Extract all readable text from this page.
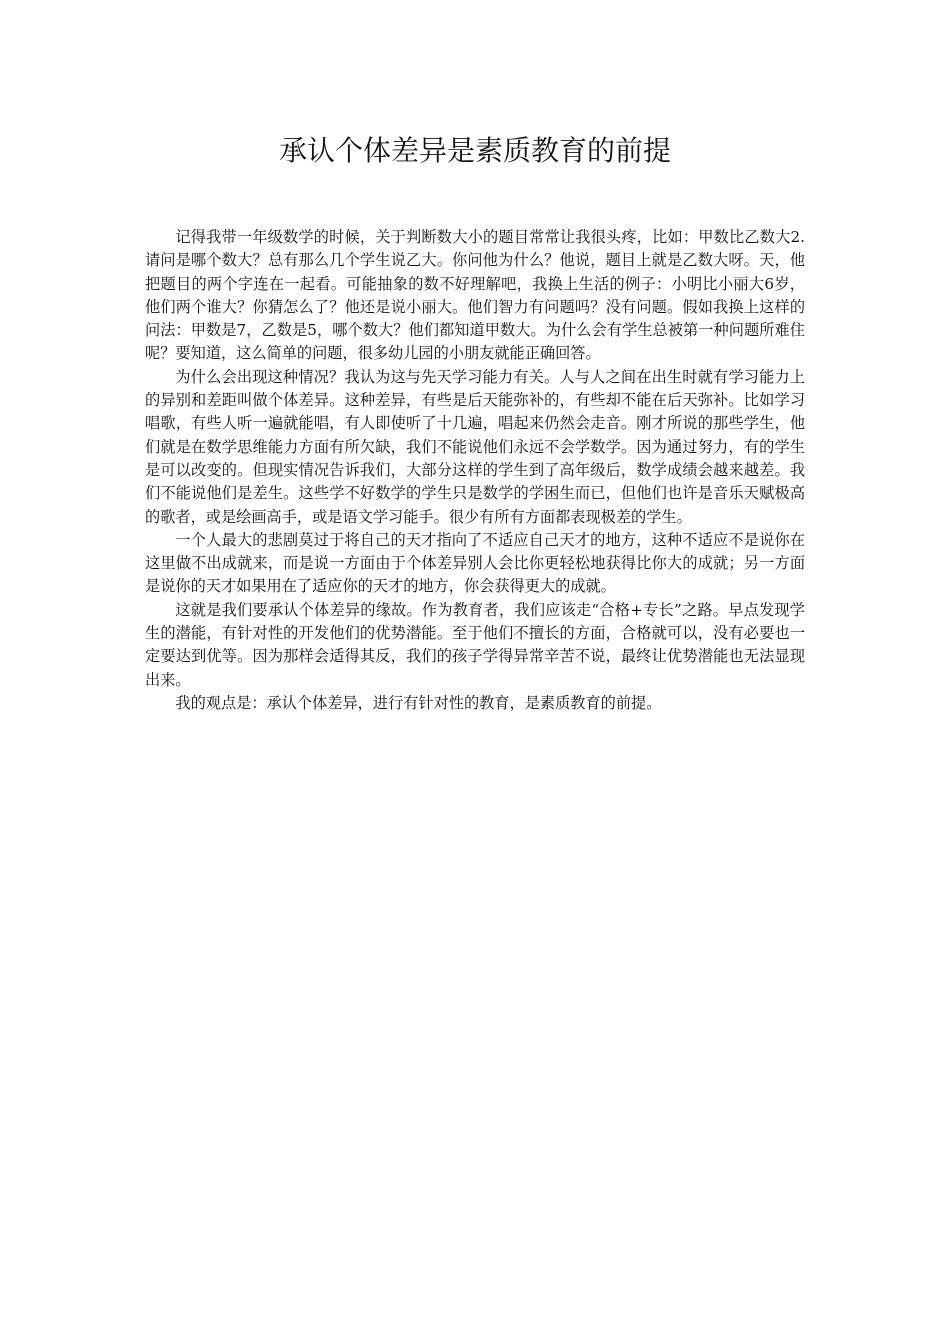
承认个体差异是素质教育的前提

记得我带一年级数学的时候，关于判断数大小的题目常常让我很头疼，比如：甲数比乙数大2.请问是哪个数大？总有那么几个学生说乙大。你问他为什么？他说，题目上就是乙数大呀。天，他把题目的两个字连在一起看。可能抽象的数不好理解吧，我换上生活的例子：小明比小丽大6岁，他们两个谁大？你猜怎么了？他还是说小丽大。他们智力有问题吗？没有问题。假如我换上这样的问法：甲数是7，乙数是5，哪个数大？他们都知道甲数大。为什么会有学生总被第一种问题所难住呢？要知道，这么简单的问题，很多幼儿园的小朋友就能正确回答。

为什么会出现这种情况？我认为这与先天学习能力有关。人与人之间在出生时就有学习能力上的异别和差距叫做个体差异。这种差异，有些是后天能弥补的，有些却不能在后天弥补。比如学习唱歌，有些人听一遍就能唱，有人即使听了十几遍，唱起来仍然会走音。刚才所说的那些学生，他们就是在数学思维能力方面有所欠缺，我们不能说他们永远不会学数学。因为通过努力，有的学生是可以改变的。但现实情况告诉我们，大部分这样的学生到了高年级后，数学成绩会越来越差。我们不能说他们是差生。这些学不好数学的学生只是数学的学困生而已，但他们也许是音乐天赋极高的歌者，或是绘画高手，或是语文学习能手。很少有所有方面都表现极差的学生。

一个人最大的悲剧莫过于将自己的天才指向了不适应自己天才的地方，这种不适应不是说你在这里做不出成就来，而是说一方面由于个体差异别人会比你更轻松地获得比你大的成就；另一方面是说你的天才如果用在了适应你的天才的地方，你会获得更大的成就。

这就是我们要承认个体差异的缘故。作为教育者，我们应该走“合格+专长”之路。早点发现学生的潜能，有针对性的开发他们的优势潜能。至于他们不擅长的方面，合格就可以，没有必要也一定要达到优等。因为那样会适得其反，我们的孩子学得异常辛苦不说，最终让优势潜能也无法显现出来。

我的观点是：承认个体差异，进行有针对性的教育，是素质教育的前提。
